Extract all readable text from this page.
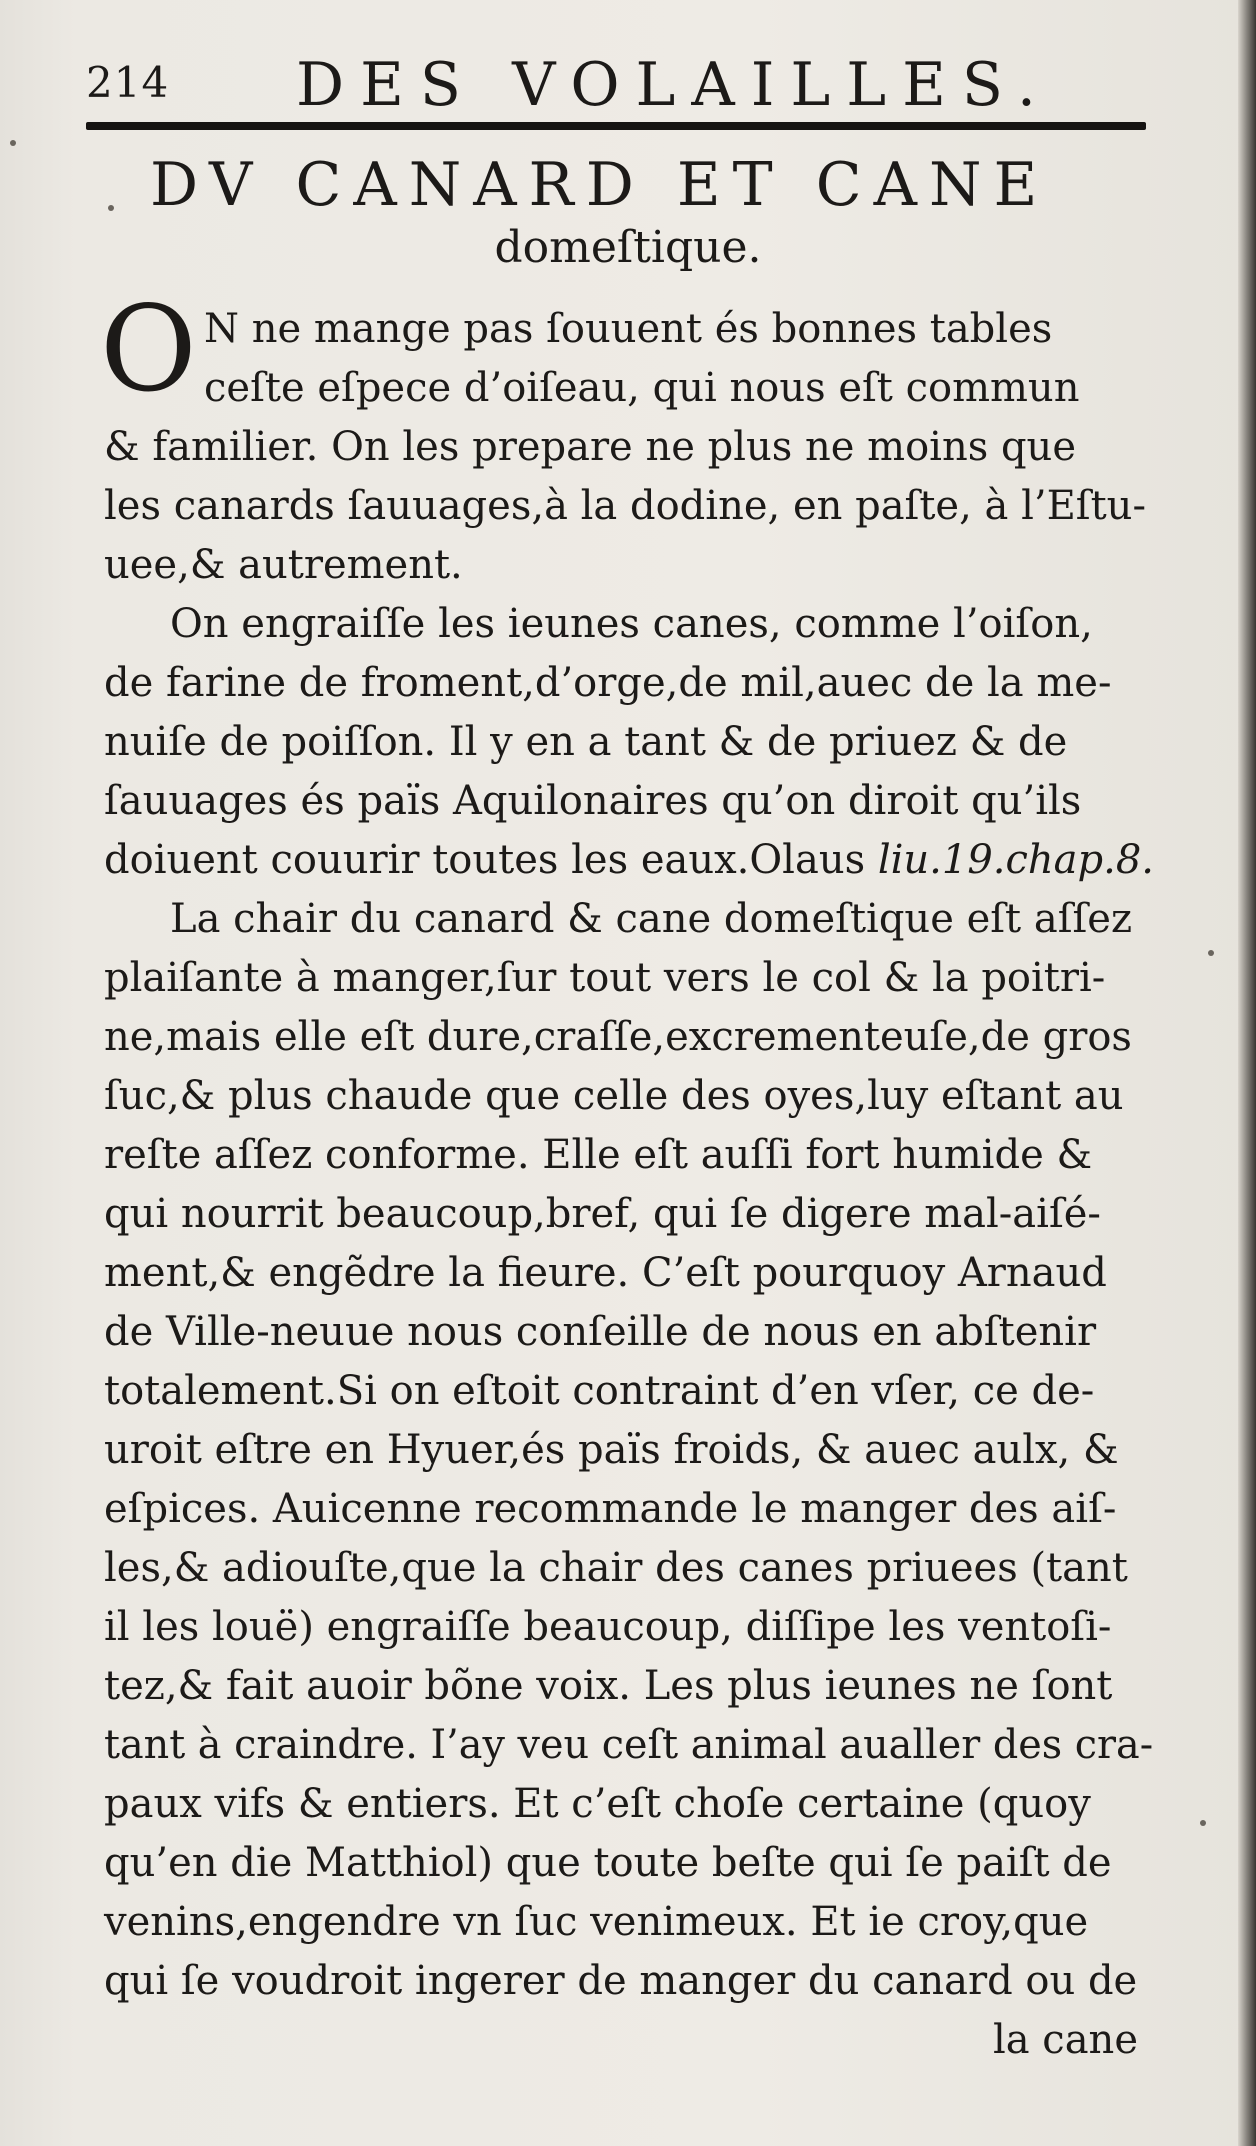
214 DES VOLAILLES.
DV CANARD ET CANE
domeſtique.
O N ne mange pas ſouuent és bonnes tables
ceſte eſpece d’oiſeau, qui nous eſt commun
& familier. On les prepare ne plus ne moins que
les canards ſauuages,à la dodine, en paſte, à l’Eſtu-
uee,& autrement.
On engraiſſe les ieunes canes, comme l’oiſon,
de farine de froment,d’orge,de mil,auec de la me-
nuiſe de poiſſon. Il y en a tant & de priuez & de
ſauuages és païs Aquilonaires qu’on diroit qu’ils
doiuent couurir toutes les eaux.Olaus liu.19.chap.8.
La chair du canard & cane domeſtique eſt aſſez
plaiſante à manger,ſur tout vers le col & la poitri-
ne,mais elle eſt dure,craſſe,excrementeuſe,de gros
ſuc,& plus chaude que celle des oyes,luy eſtant au
reſte aſſez conforme. Elle eſt auſſi fort humide &
qui nourrit beaucoup,bref, qui ſe digere mal-aiſé-
ment,& engẽdre la fieure. C’eſt pourquoy Arnaud
de Ville-neuue nous conſeille de nous en abſtenir
totalement.Si on eſtoit contraint d’en vſer, ce de-
uroit eſtre en Hyuer,és païs froids, & auec aulx, &
eſpices. Auicenne recommande le manger des aiſ-
les,& adiouſte,que la chair des canes priuees (tant
il les louë) engraiſſe beaucoup, diſſipe les ventoſi-
tez,& fait auoir bõne voix. Les plus ieunes ne ſont
tant à craindre. I’ay veu ceſt animal aualler des cra-
paux vifs & entiers. Et c’eſt choſe certaine (quoy
qu’en die Matthiol) que toute beſte qui ſe paiſt de
venins,engendre vn ſuc venimeux. Et ie croy,que
qui ſe voudroit ingerer de manger du canard ou de
la cane
